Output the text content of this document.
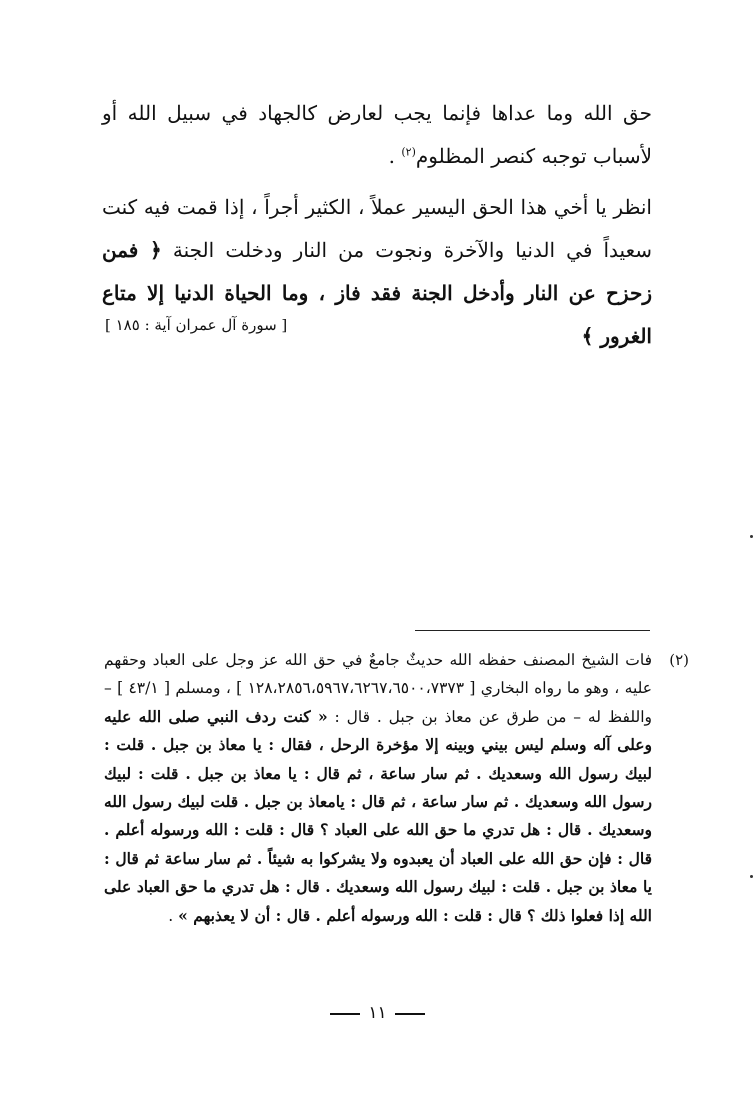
حق الله وما عداها فإنما يجب لعارض كالجهاد في سبيل الله أو لأسباب توجبه كنصر المظلوم$^{(٢)}$ .

انظر يا أخي هذا الحق اليسير عملاً ، الكثير أجراً ، إذا قمت فيه كنت سعيداً في الدنيا والآخرة ونجوت من النار ودخلت الجنة ﴿ فمن زحزح عن النار وأدخل الجنة فقد فاز ، وما الحياة الدنيا إلا متاع الغرور ﴾

[ سورة آل عمران آية : ١٨٥ ]
(٢)
فات الشيخ المصنف حفظه الله حديثٌ جامعٌ في حق الله عز وجل على العباد وحقهم عليه ، وهو ما رواه البخاري [ ١٢٨،٢٨٥٦،٥٩٦٧،٦٢٦٧،٦٥٠٠،٧٣٧٣ ] ، ومسلم [ ٤٣/١ ] – واللفظ له – من طرق عن معاذ بن جبل . قال : « كنت ردف النبي صلى الله عليه وعلى آله وسلم ليس بيني وبينه إلا مؤخرة الرحل ، فقال : يا معاذ بن جبل . قلت : لبيك رسول الله وسعديك . ثم سار ساعة ، ثم قال : يا معاذ بن جبل . قلت : لبيك رسول الله وسعديك . ثم سار ساعة ، ثم قال : يامعاذ بن جبل . قلت لبيك رسول الله وسعديك . قال : هل تدري ما حق الله على العباد ؟ قال : قلت : الله ورسوله أعلم . قال : فإن حق الله على العباد أن يعبدوه ولا يشركوا به شيئاً . ثم سار ساعة ثم قال : يا معاذ بن جبل . قلت : لبيك رسول الله وسعديك . قال : هل تدري ما حق العباد على الله إذا فعلوا ذلك ؟ قال : قلت : الله ورسوله أعلم . قال : أن لا يعذبهم » .
١١
